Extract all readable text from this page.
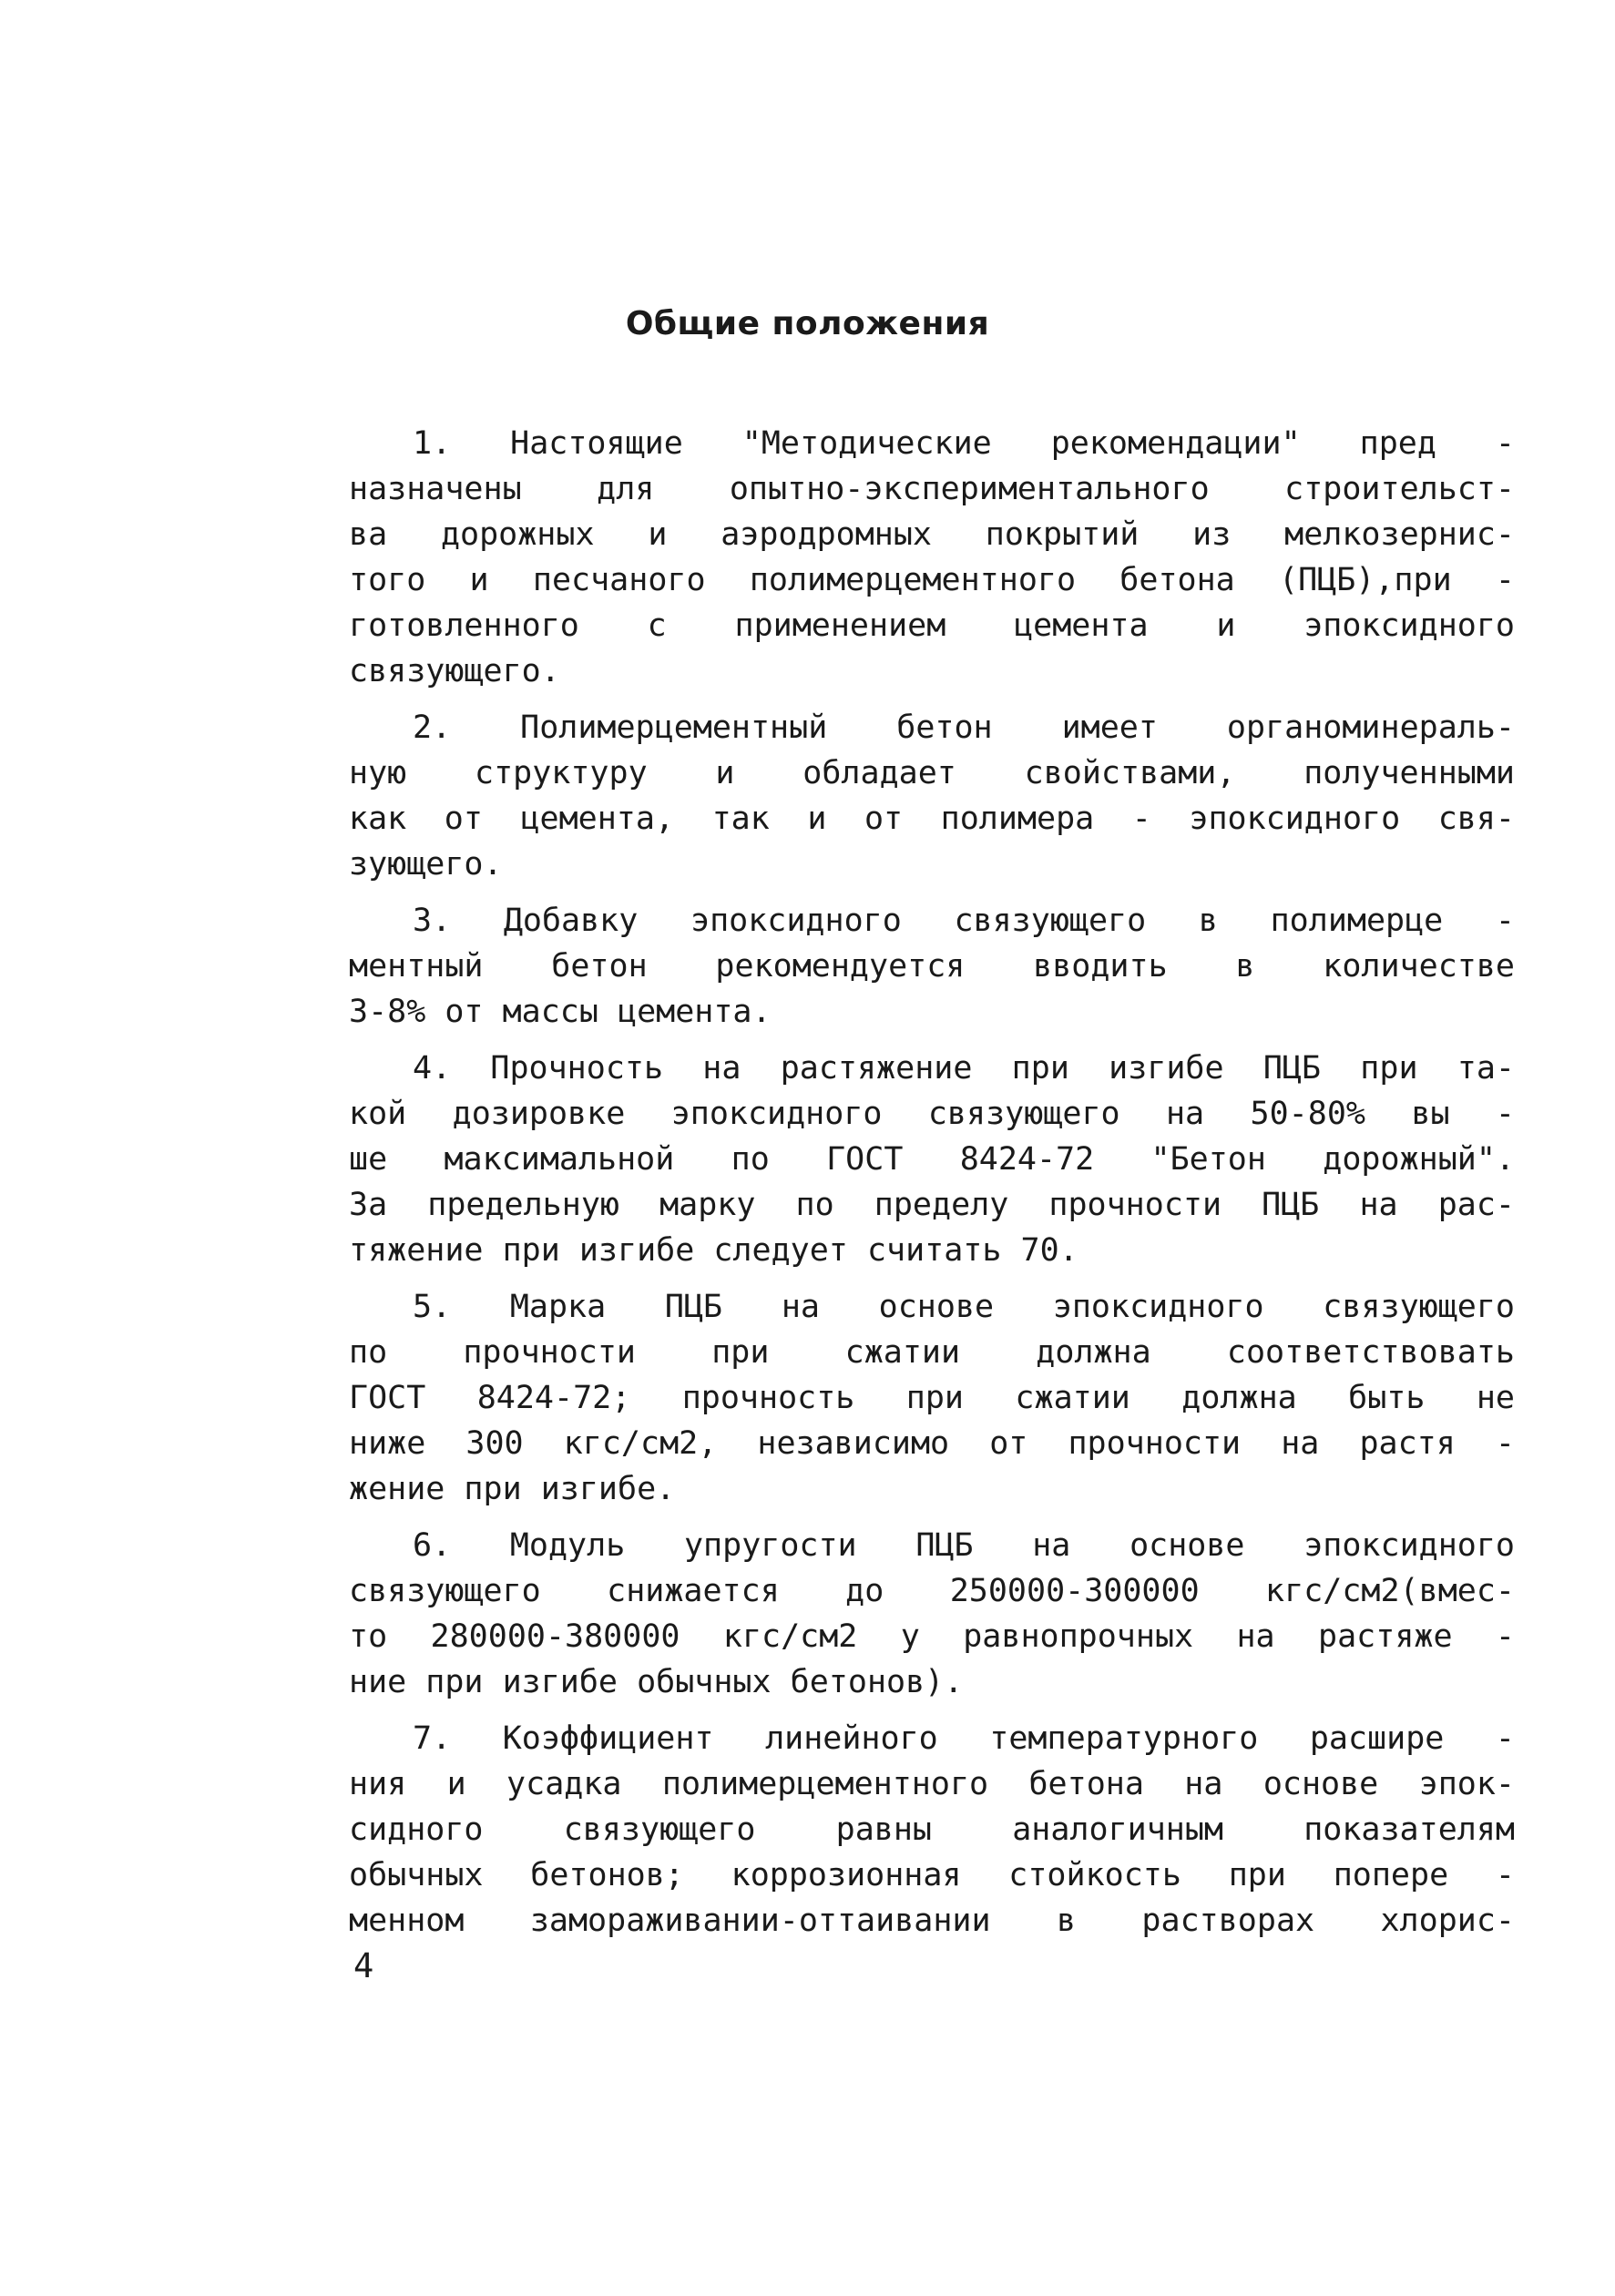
Общие положения
1. Настоящие "Методические рекомендации" пред -
назначены для опытно-экспериментального строительст-
ва дорожных и аэродромных покрытий из мелкозернис-
того и песчаного полимерцементного бетона (ПЦБ),при -
готовленного с применением цемента и эпоксидного
связующего.
2. Полимерцементный бетон имеет органоминераль-
ную структуру и обладает свойствами, полученными
как от цемента, так и от полимера - эпоксидного свя-
зующего.
3. Добавку эпоксидного связующего в полимерце -
ментный бетон рекомендуется вводить в количестве
3-8% от массы цемента.
4. Прочность на растяжение при изгибе ПЦБ при та-
кой дозировке эпоксидного связующего на 50-80% вы -
ше максимальной по ГОСТ 8424-72 "Бетон дорожный".
За предельную марку по пределу прочности ПЦБ на рас-
тяжение при изгибе следует считать 70.
5. Марка ПЦБ на основе эпоксидного связующего
по прочности при сжатии должна соответствовать
ГОСТ 8424-72; прочность при сжатии должна быть не
ниже 300 кгс/см2, независимо от прочности на растя -
жение при изгибе.
6. Модуль упругости ПЦБ на основе эпоксидного
связующего снижается до 250000-300000 кгс/см2(вмес-
то 280000-380000 кгс/см2 у равнопрочных на растяже -
ние при изгибе обычных бетонов).
7. Коэффициент линейного температурного расшире -
ния и усадка полимерцементного бетона на основе эпок-
сидного связующего равны аналогичным показателям
обычных бетонов; коррозионная стойкость при попере -
менном замораживании-оттаивании в растворах хлорис-
4
